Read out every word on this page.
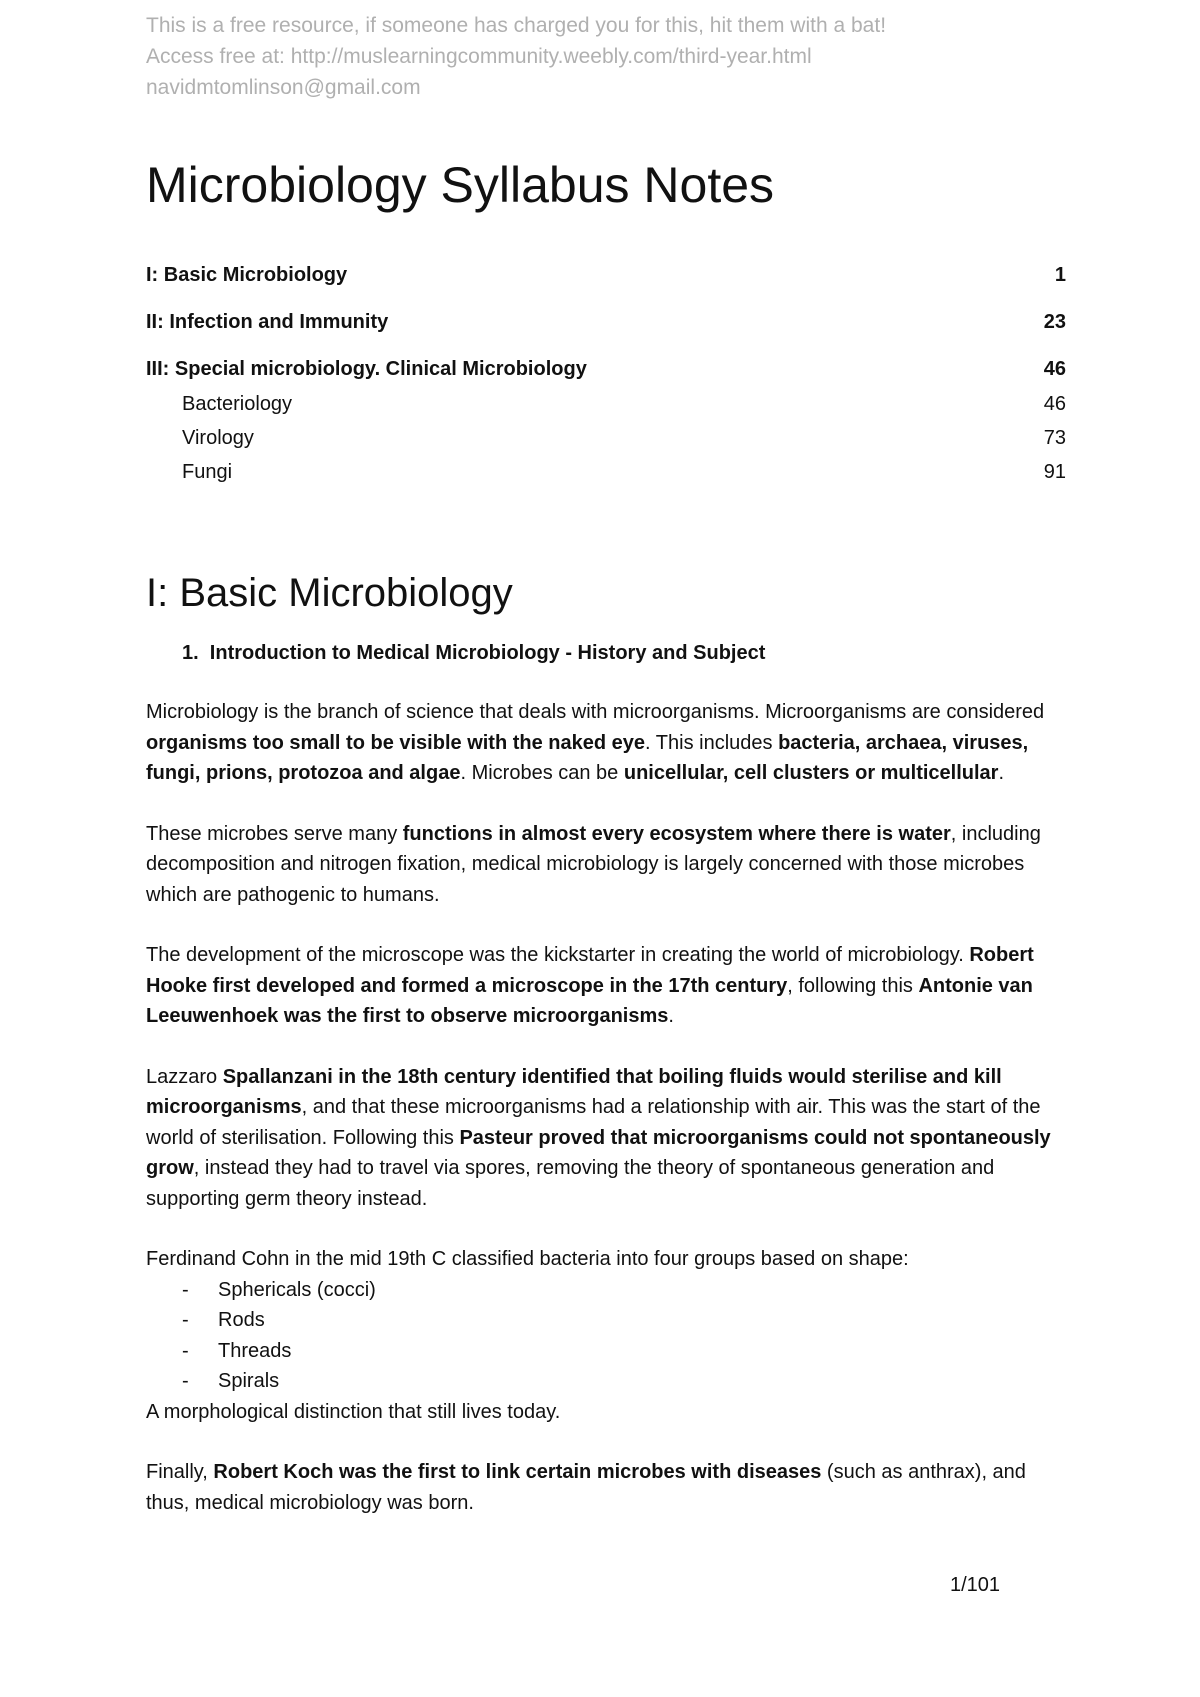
This is a free resource, if someone has charged you for this, hit them with a bat!
Access free at: http://muslearningcommunity.weebly.com/third-year.html
navidmtomlinson@gmail.com
Microbiology Syllabus Notes
I: Basic Microbiology	1
II: Infection and Immunity	23
III: Special microbiology. Clinical Microbiology	46
Bacteriology	46
Virology	73
Fungi	91
I: Basic Microbiology
1.  Introduction to Medical Microbiology - History and Subject

Microbiology is the branch of science that deals with microorganisms. Microorganisms are considered organisms too small to be visible with the naked eye. This includes bacteria, archaea, viruses, fungi, prions, protozoa and algae. Microbes can be unicellular, cell clusters or multicellular.

These microbes serve many functions in almost every ecosystem where there is water, including decomposition and nitrogen fixation, medical microbiology is largely concerned with those microbes which are pathogenic to humans.

The development of the microscope was the kickstarter in creating the world of microbiology. Robert Hooke first developed and formed a microscope in the 17th century, following this Antonie van Leeuwenhoek was the first to observe microorganisms.

Lazzaro Spallanzani in the 18th century identified that boiling fluids would sterilise and kill microorganisms, and that these microorganisms had a relationship with air. This was the start of the world of sterilisation. Following this Pasteur proved that microorganisms could not spontaneously grow, instead they had to travel via spores, removing the theory of spontaneous generation and supporting germ theory instead.

Ferdinand Cohn in the mid 19th C classified bacteria into four groups based on shape:

-	Sphericals (cocci)
-	Rods
-	Threads
-	Spirals

A morphological distinction that still lives today.

Finally, Robert Koch was the first to link certain microbes with diseases (such as anthrax), and thus, medical microbiology was born.

1/101
